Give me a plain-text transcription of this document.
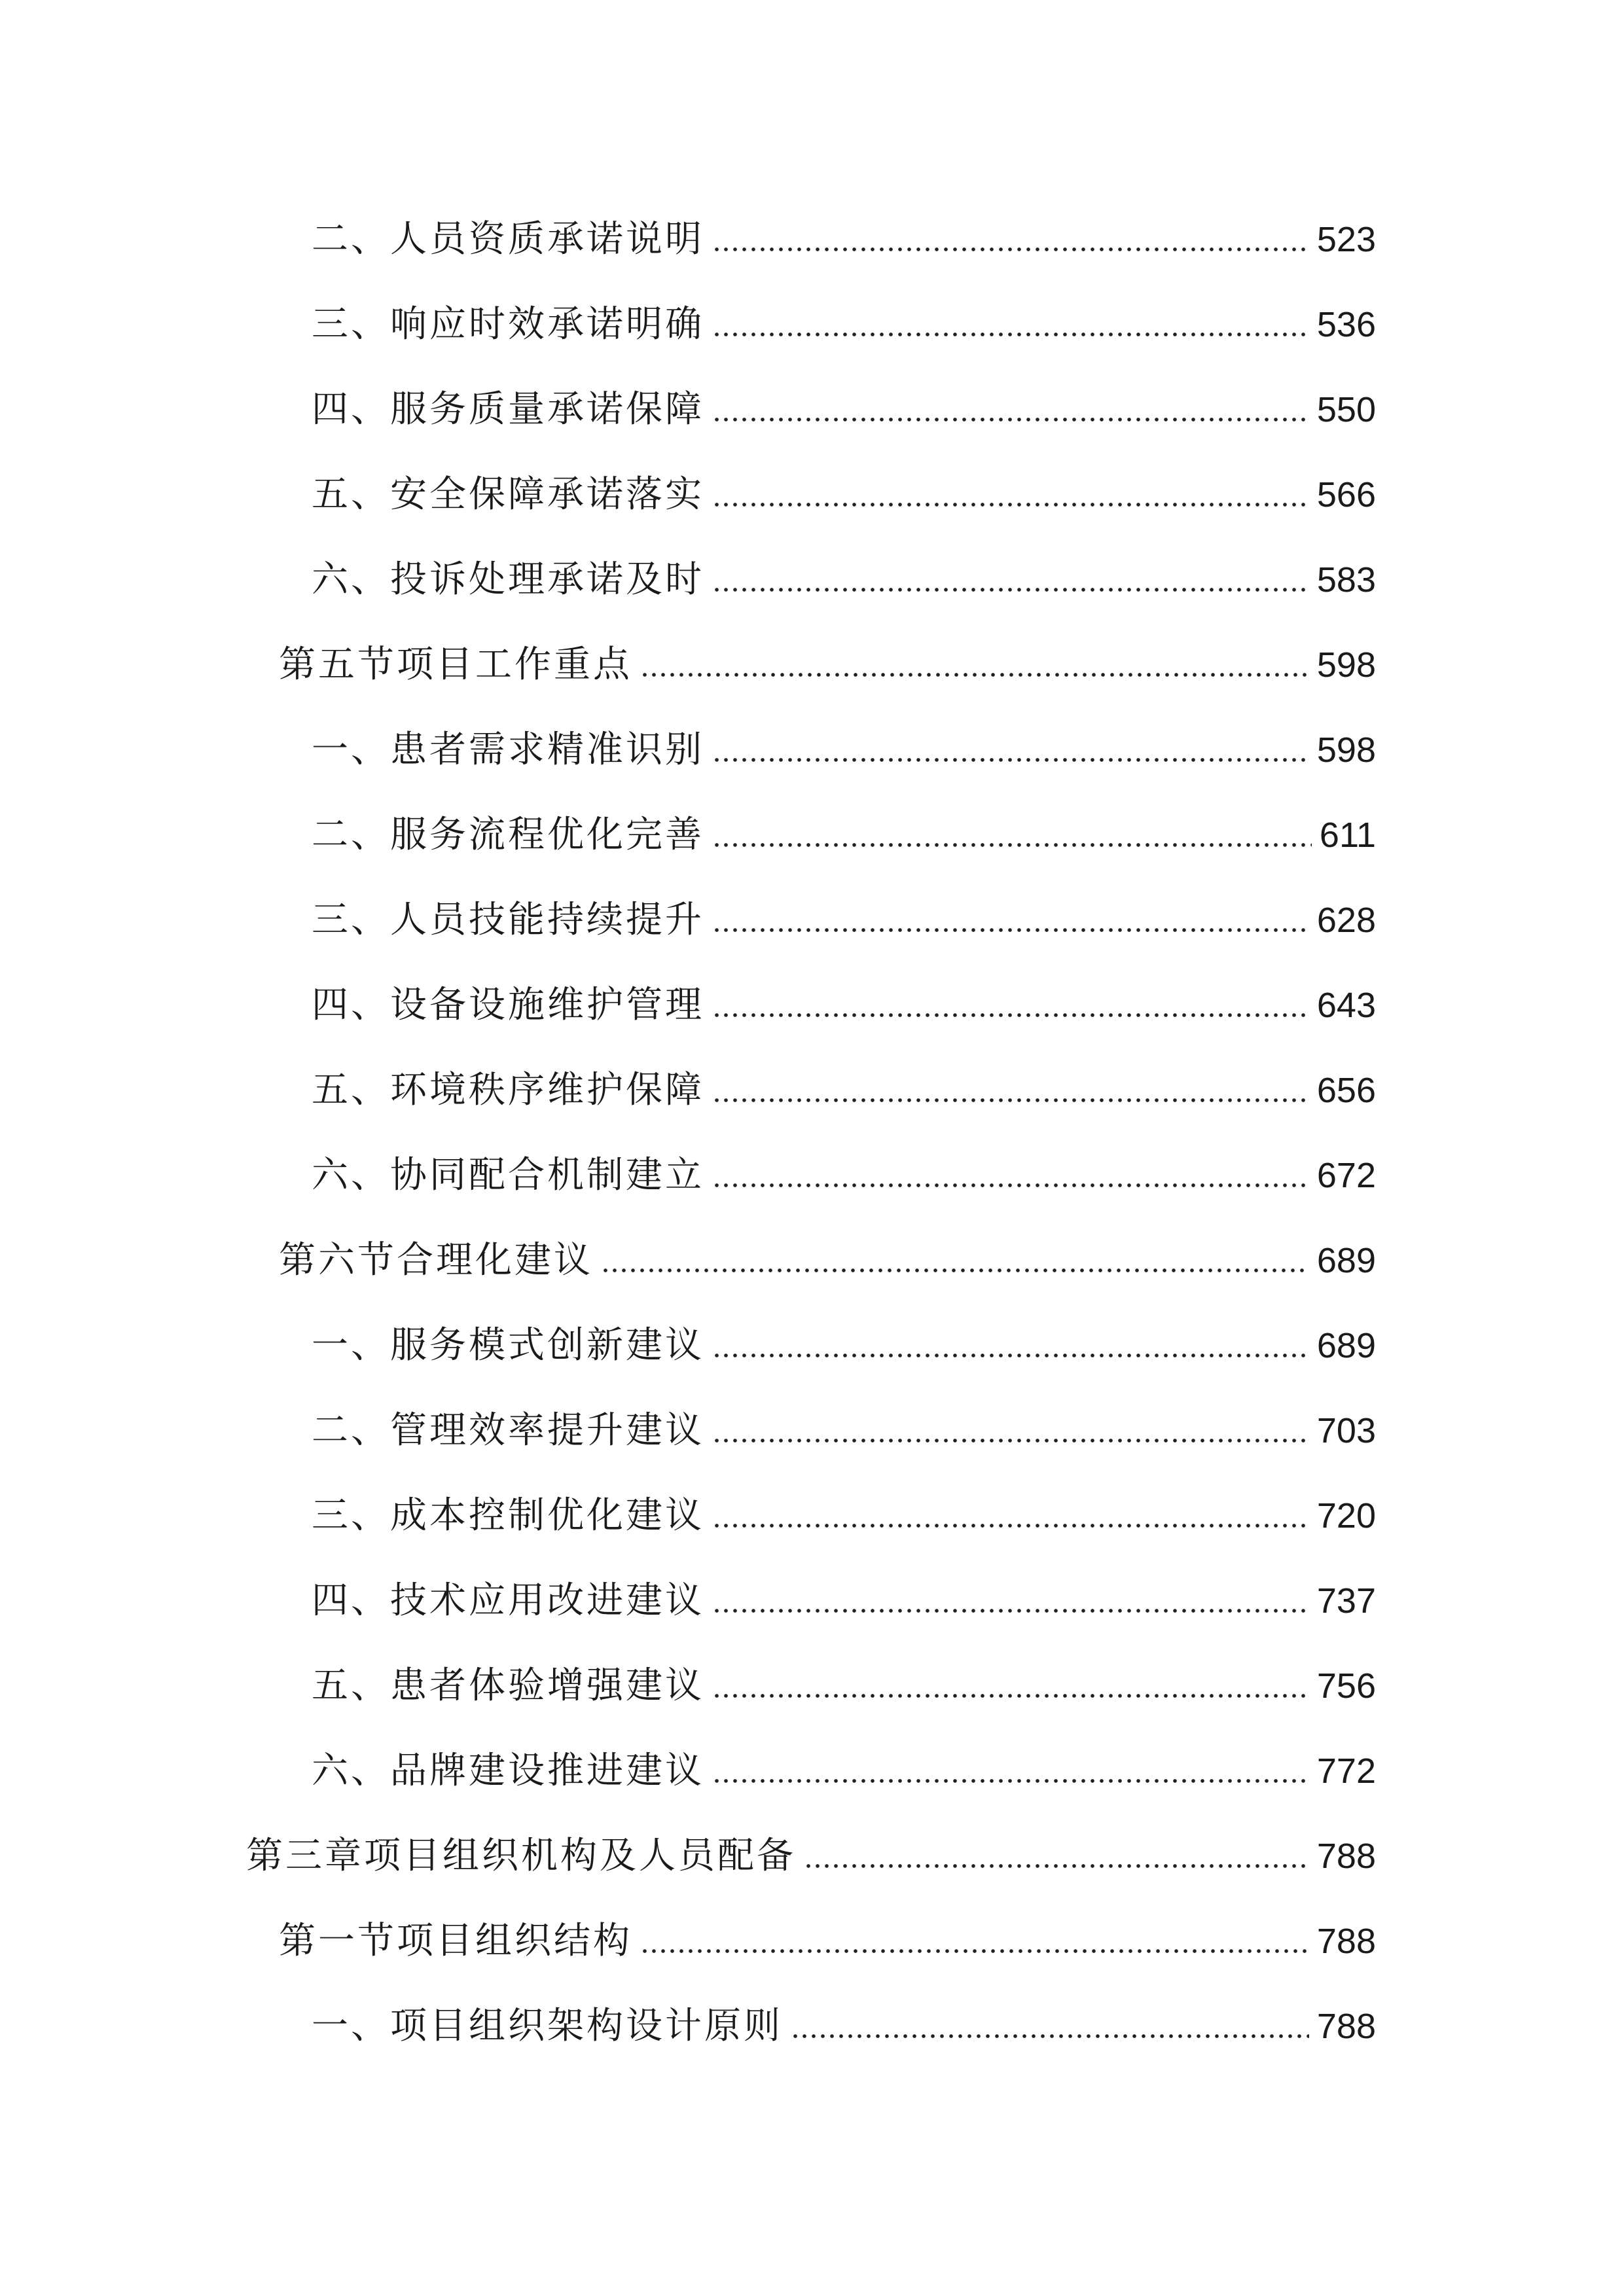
二、人员资质承诺说明	523
三、响应时效承诺明确	536
四、服务质量承诺保障	550
五、安全保障承诺落实	566
六、投诉处理承诺及时	583
第五节项目工作重点	598
一、患者需求精准识别	598
二、服务流程优化完善	611
三、人员技能持续提升	628
四、设备设施维护管理	643
五、环境秩序维护保障	656
六、协同配合机制建立	672
第六节合理化建议	689
一、服务模式创新建议	689
二、管理效率提升建议	703
三、成本控制优化建议	720
四、技术应用改进建议	737
五、患者体验增强建议	756
六、品牌建设推进建议	772
第三章项目组织机构及人员配备	788
第一节项目组织结构	788
一、项目组织架构设计原则	788
